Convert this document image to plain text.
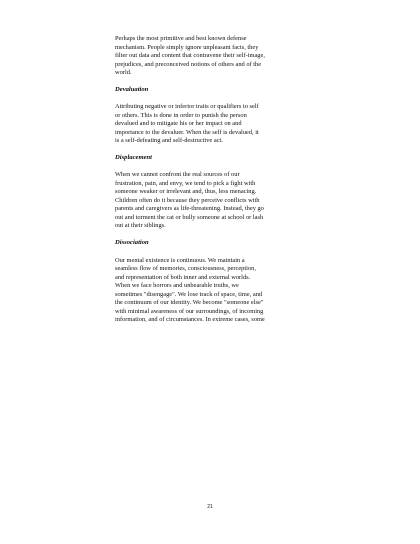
Perhaps the most primitive and best known defense
mechanism. People simply ignore unpleasant facts, they
filter out data and content that contravene their self-image,
prejudices, and preconceived notions of others and of the
world.
Devaluation
Attributing negative or inferior traits or qualifiers to self
or others. This is done in order to punish the person
devalued and to mitigate his or her impact on and
importance to the devaluer. When the self is devalued, it
is a self-defeating and self-destructive act.
Displacement
When we cannot confront the real sources of our
frustration, pain, and envy, we tend to pick a fight with
someone weaker or irrelevant and, thus, less menacing.
Children often do it because they perceive conflicts with
parents and caregivers as life-threatening. Instead, they go
out and torment the cat or bully someone at school or lash
out at their siblings.
Dissociation
Our mental existence is continuous. We maintain a
seamless flow of memories, consciousness, perception,
and representation of both inner and external worlds.
When we face horrors and unbearable truths, we
sometimes "disengage". We lose track of space, time, and
the continuum of our identity. We become "someone else"
with minimal awareness of our surroundings, of incoming
information, and of circumstances. In extreme cases, some
21
